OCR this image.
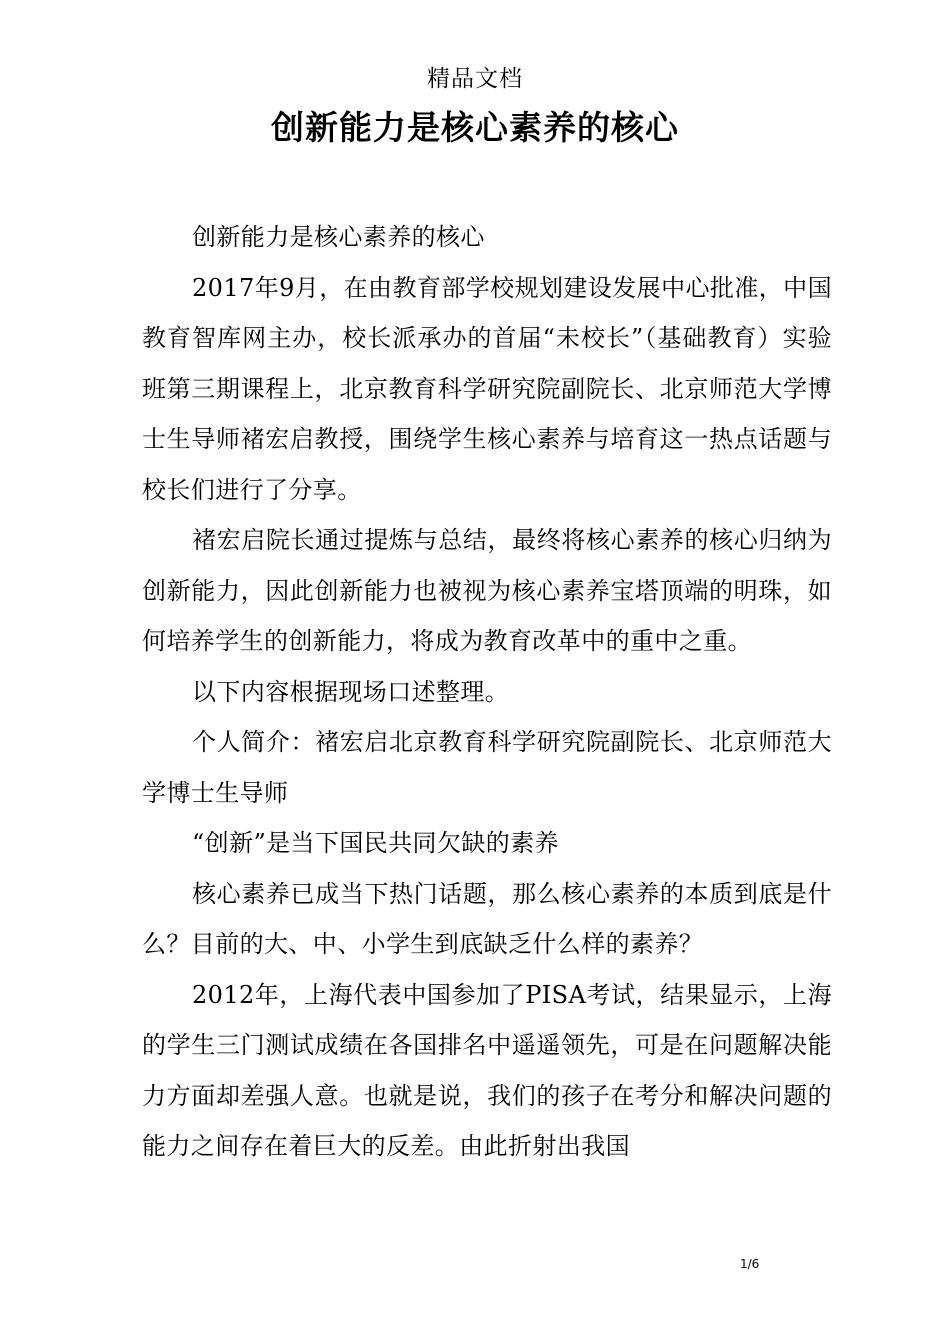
精品文档
创新能力是核心素养的核心

创新能力是核心素养的核心

2017年9月，在由教育部学校规划建设发展中心批准，中国教育智库网主办，校长派承办的首届“未校长”（基础教育）实验班第三期课程上，北京教育科学研究院副院长、北京师范大学博士生导师褚宏启教授，围绕学生核心素养与培育这一热点话题与校长们进行了分享。

褚宏启院长通过提炼与总结，最终将核心素养的核心归纳为创新能力，因此创新能力也被视为核心素养宝塔顶端的明珠，如何培养学生的创新能力，将成为教育改革中的重中之重。

以下内容根据现场口述整理。

个人简介：褚宏启北京教育科学研究院副院长、北京师范大学博士生导师

“创新”是当下国民共同欠缺的素养

核心素养已成当下热门话题，那么核心素养的本质到底是什么？目前的大、中、小学生到底缺乏什么样的素养？

2012年，上海代表中国参加了PISA考试，结果显示，上海的学生三门测试成绩在各国排名中遥遥领先，可是在问题解决能力方面却差强人意。也就是说，我们的孩子在考分和解决问题的能力之间存在着巨大的反差。由此折射出我国

1/6
